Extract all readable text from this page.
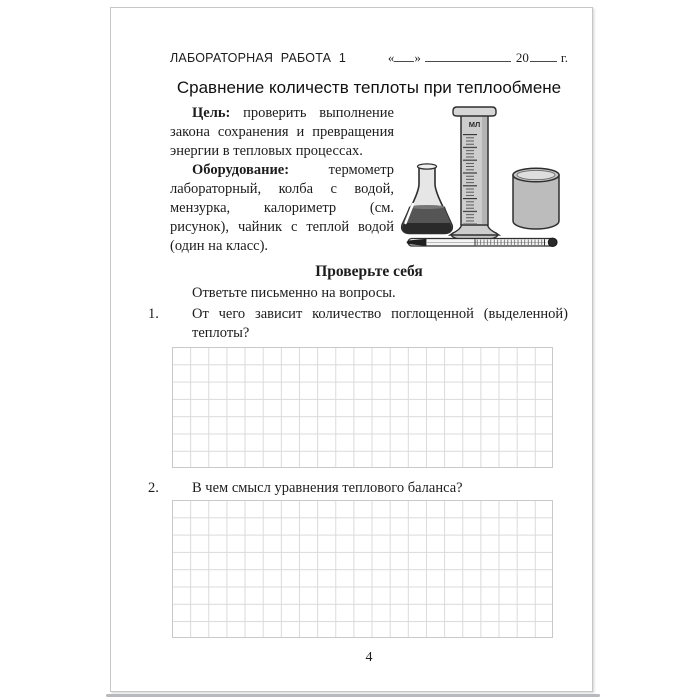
ЛАБОРАТОРНАЯ РАБОТА 1	« »	20 г.
Сравнение количеств теплоты при теплообмене

Цель: проверить выполнение закона сохранения и превращения энергии в тепловых процессах.

Оборудование: термометр лабораторный, колба с водой, мензурка, калориметр (см. рисунок), чайник с теплой водой (один на класс).

МЛ
Проверьте себя
Ответьте письменно на вопросы.
1.	От чего зависит количество поглощенной (выделенной) теплоты?
2.	В чем смысл уравнения теплового баланса?
4
